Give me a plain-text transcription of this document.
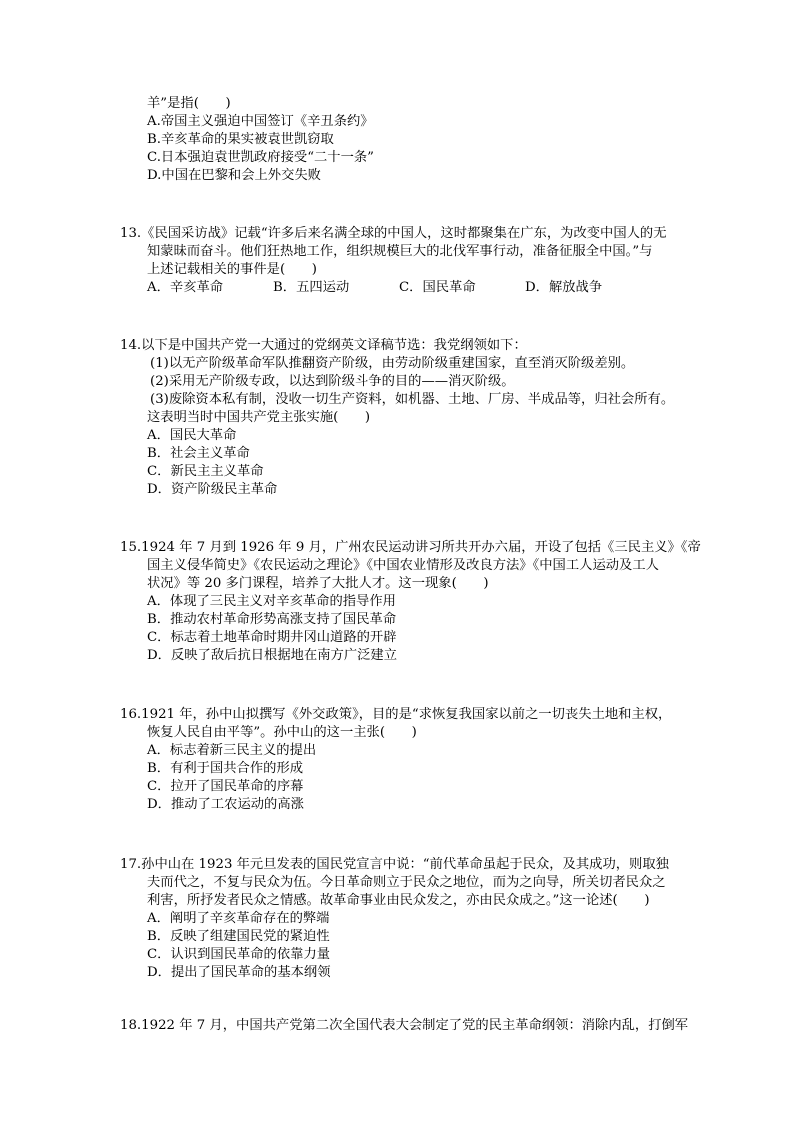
羊”是指(　　)
A.帝国主义强迫中国签订《辛丑条约》
B.辛亥革命的果实被袁世凯窃取
C.日本强迫袁世凯政府接受“二十一条”
D.中国在巴黎和会上外交失败
13.《民国采访战》记载“许多后来名满全球的中国人，这时都聚集在广东，为改变中国人的无
知蒙昧而奋斗。他们狂热地工作，组织规模巨大的北伐军事行动，准备征服全中国。”与
上述记载相关的事件是(　　)
A．辛亥革命	B．五四运动	C．国民革命	D．解放战争
14.以下是中国共产党一大通过的党纲英文译稿节选：我党纲领如下：
(1)以无产阶级革命军队推翻资产阶级，由劳动阶级重建国家，直至消灭阶级差别。
(2)采用无产阶级专政，以达到阶级斗争的目的——消灭阶级。
(3)废除资本私有制，没收一切生产资料，如机器、土地、厂房、半成品等，归社会所有。
这表明当时中国共产党主张实施(　　)
A．国民大革命
B．社会主义革命
C．新民主主义革命
D．资产阶级民主革命
15.1924 年 7 月到 1926 年 9 月，广州农民运动讲习所共开办六届，开设了包括《三民主义》《帝
国主义侵华简史》《农民运动之理论》《中国农业情形及改良方法》《中国工人运动及工人
状况》等 20 多门课程，培养了大批人才。这一现象(　　)
A．体现了三民主义对辛亥革命的指导作用
B．推动农村革命形势高涨支持了国民革命
C．标志着土地革命时期井冈山道路的开辟
D．反映了敌后抗日根据地在南方广泛建立
16.1921 年，孙中山拟撰写《外交政策》，目的是“求恢复我国家以前之一切丧失土地和主权，
恢复人民自由平等”。孙中山的这一主张(　　)
A．标志着新三民主义的提出
B．有利于国共合作的形成
C．拉开了国民革命的序幕
D．推动了工农运动的高涨
17.孙中山在 1923 年元旦发表的国民党宣言中说：“前代革命虽起于民众，及其成功，则取独
夫而代之，不复与民众为伍。今日革命则立于民众之地位，而为之向导，所关切者民众之
利害，所抒发者民众之情感。故革命事业由民众发之，亦由民众成之。”这一论述(　　)
A．阐明了辛亥革命存在的弊端
B．反映了组建国民党的紧迫性
C．认识到国民革命的依靠力量
D．提出了国民革命的基本纲领
18.1922 年 7 月，中国共产党第二次全国代表大会制定了党的民主革命纲领：消除内乱，打倒军
